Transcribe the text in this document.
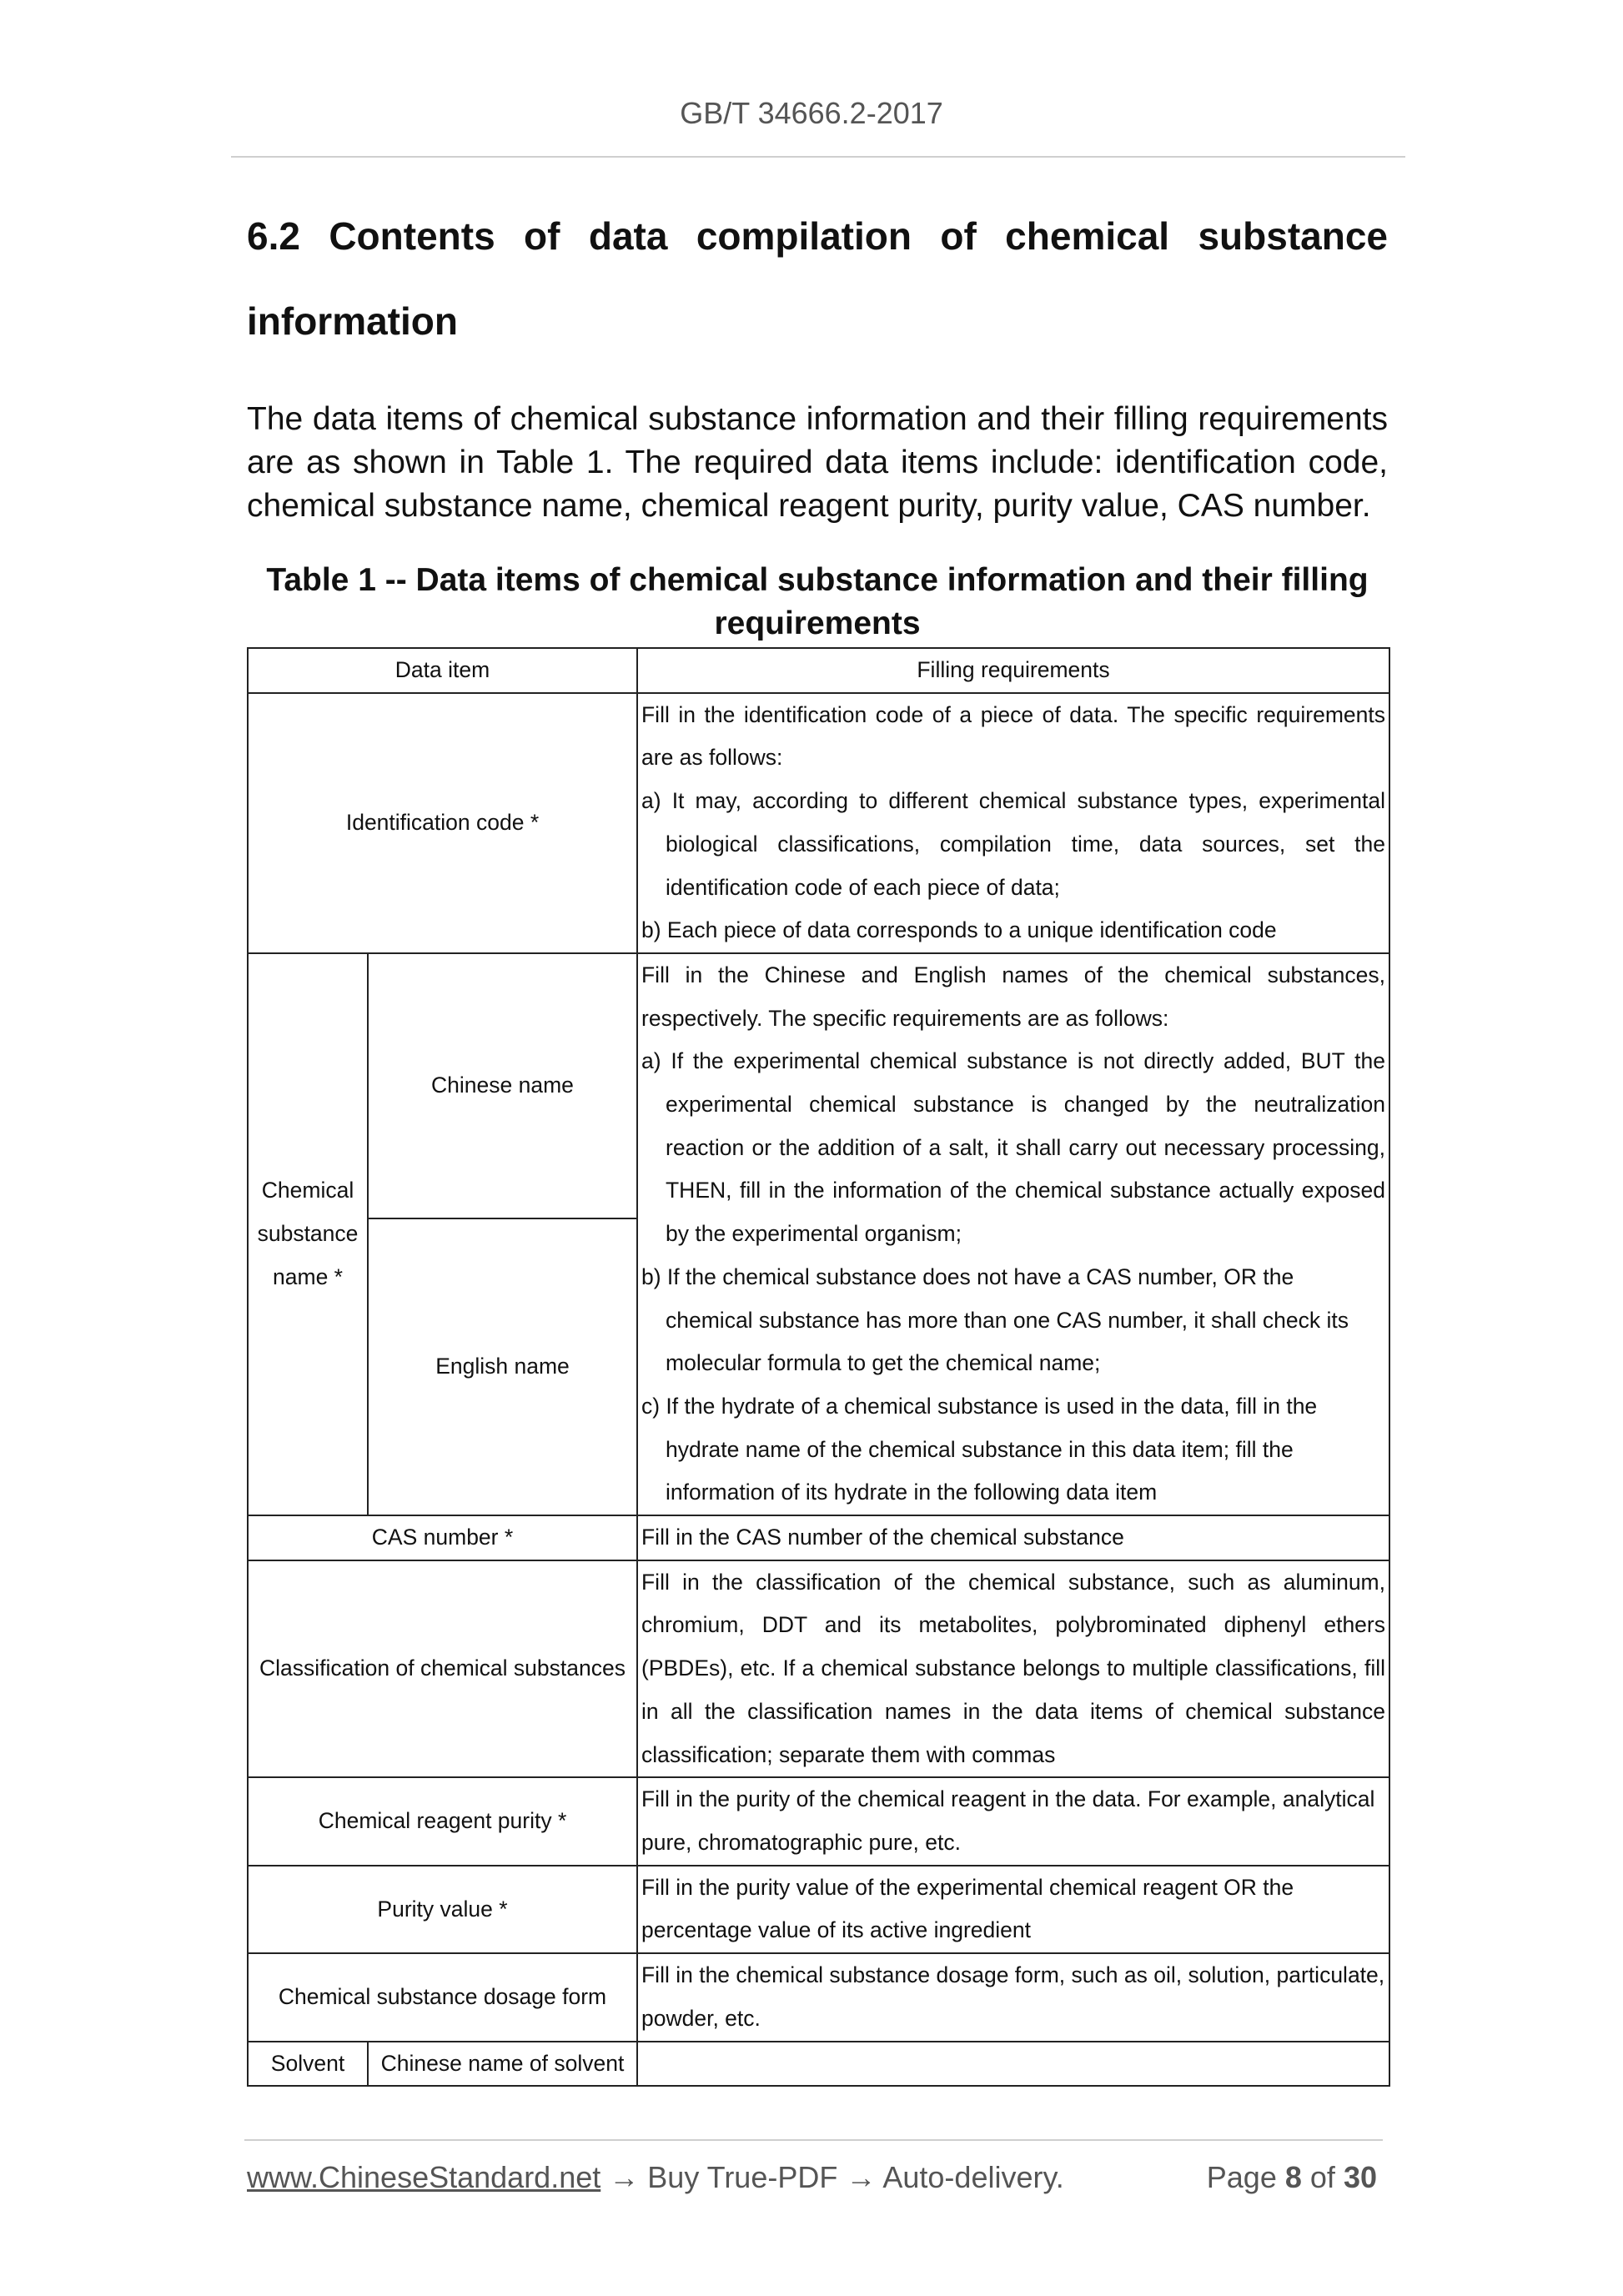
GB/T 34666.2-2017
6.2 Contents of data compilation of chemical substance information
The data items of chemical substance information and their filling requirements are as shown in Table 1. The required data items include: identification code, chemical substance name, chemical reagent purity, purity value, CAS number.
Table 1 -- Data items of chemical substance information and their filling requirements
Data item		Filling requirements
Identification code *		Fill in the identification code of a piece of data. The specific requirements are as follows:

a) It may, according to different chemical substance types, experimental biological classifications, compilation time, data sources, set the identification code of each piece of data;

b) Each piece of data corresponds to a unique identification code

Chemical substance name *	Chinese name	Fill in the Chinese and English names of the chemical substances, respectively. The specific requirements are as follows:

a) If the experimental chemical substance is not directly added, BUT the experimental chemical substance is changed by the neutralization reaction or the addition of a salt, it shall carry out necessary processing, THEN, fill in the information of the chemical substance actually exposed by the experimental organism;

b) If the chemical substance does not have a CAS number, OR the chemical substance has more than one CAS number, it shall check its molecular formula to get the chemical name;

c) If the hydrate of a chemical substance is used in the data, fill in the hydrate name of the chemical substance in this data item; fill the information of its hydrate in the following data item

	English name	
CAS number *		Fill in the CAS number of the chemical substance
Classification of chemical substances		Fill in the classification of the chemical substance, such as aluminum, chromium, DDT and its metabolites, polybrominated diphenyl ethers (PBDEs), etc. If a chemical substance belongs to multiple classifications, fill in all the classification names in the data items of chemical substance classification; separate them with commas
Chemical reagent purity *		Fill in the purity of the chemical reagent in the data. For example, analytical pure, chromatographic pure, etc.
Purity value *		Fill in the purity value of the experimental chemical reagent OR the percentage value of its active ingredient
Chemical substance dosage form		Fill in the chemical substance dosage form, such as oil, solution, particulate, powder, etc.
Solvent	Chinese name of solvent	
www.ChineseStandard.net → Buy True-PDF → Auto-delivery.	Page 8 of 30
